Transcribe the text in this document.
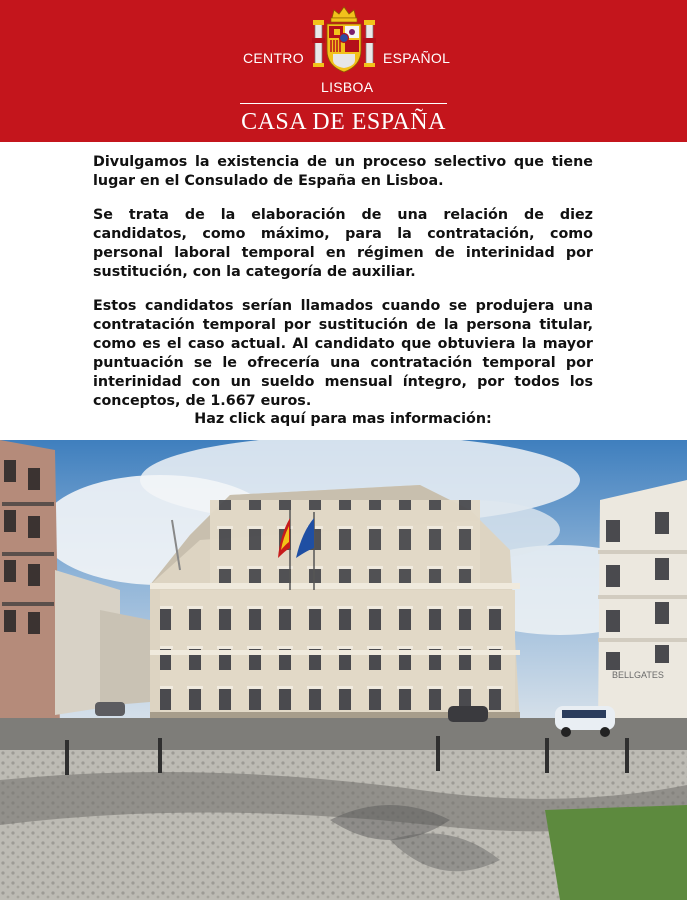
CENTRO	ESPAÑOL
LISBOA
CASA DE ESPAÑA

Divulgamos la existencia de un proceso selectivo que tiene lugar en el Consulado de España en Lisboa.

Se trata de la elaboración de una relación de diez candidatos, como máximo, para la contratación, como personal laboral temporal en régimen de interinidad por sustitución, con la categoría de auxiliar.

Estos candidatos serían llamados cuando se produjera una contratación temporal por sustitución de la persona titular, como es el caso actual. Al candidato que obtuviera la mayor puntuación se le ofrecería una contratación temporal por interinidad con un sueldo mensual íntegro, por todos los conceptos, de 1.667 euros.

Haz click aquí para mas información:
BELLGATES
